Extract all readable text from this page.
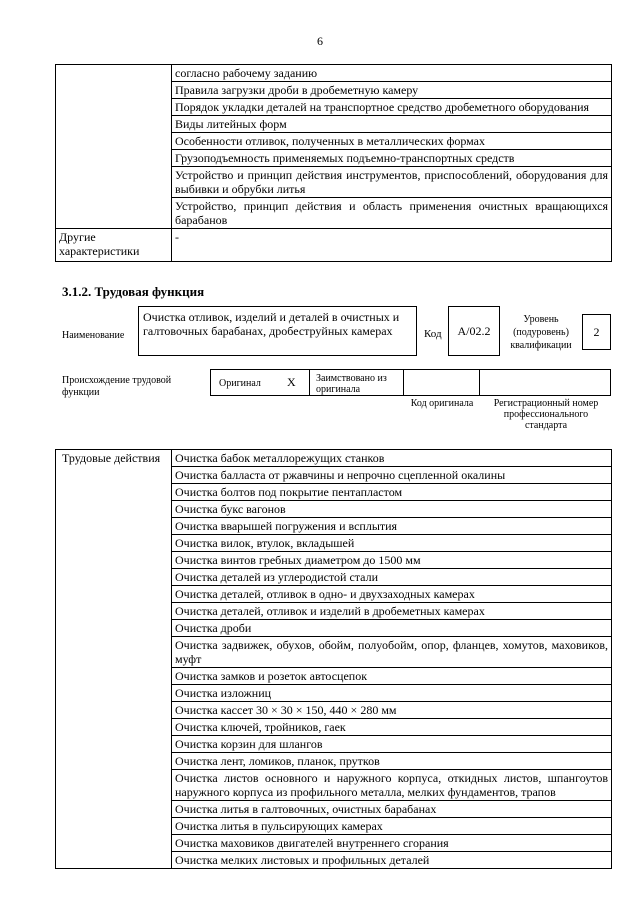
6
	согласно рабочему заданию
	Правила загрузки дроби в дробеметную камеру
	Порядок укладки деталей на транспортное средство дробеметного оборудования
	Виды литейных форм
	Особенности отливок, полученных в металлических формах
	Грузоподъемность применяемых подъемно-транспортных средств
	Устройство и принцип действия инструментов, приспособлений, оборудования для выбивки и обрубки литья
	Устройство, принцип действия и область применения очистных вращающихся барабанов
Другие характеристики	-
3.1.2. Трудовая функция
Наименование
Очистка отливок, изделий и деталей в очистных и галтовочных барабанах, дробеструйных камерах	Код	А/02.2
Уровень (подуровень) квалификации
2
Происхождение трудовой функции
Оригинал X Заимствовано из оригинала
Код оригинала	Регистрационный номер профессионального стандарта
Трудовые действия	Очистка бабок металлорежущих станков
Очистка балласта от ржавчины и непрочно сцепленной окалины
Очистка болтов под покрытие пентапластом
Очистка букс вагонов
Очистка вварышей погружения и всплытия
Очистка вилок, втулок, вкладышей
Очистка винтов гребных диаметром до 1500 мм
Очистка деталей из углеродистой стали
Очистка деталей, отливок в одно- и двухзаходных камерах
Очистка деталей, отливок и изделий в дробеметных камерах
Очистка дроби
Очистка задвижек, обухов, обойм, полуобойм, опор, фланцев, хомутов, маховиков, муфт
Очистка замков и розеток автосцепок
Очистка изложниц
Очистка кассет 30 × 30 × 150, 440 × 280 мм
Очистка ключей, тройников, гаек
Очистка корзин для шлангов
Очистка лент, ломиков, планок, прутков
Очистка листов основного и наружного корпуса, откидных листов, шпангоутов наружного корпуса из профильного металла, мелких фундаментов, трапов
Очистка литья в галтовочных, очистных барабанах
Очистка литья в пульсирующих камерах
Очистка маховиков двигателей внутреннего сгорания
Очистка мелких листовых и профильных деталей
